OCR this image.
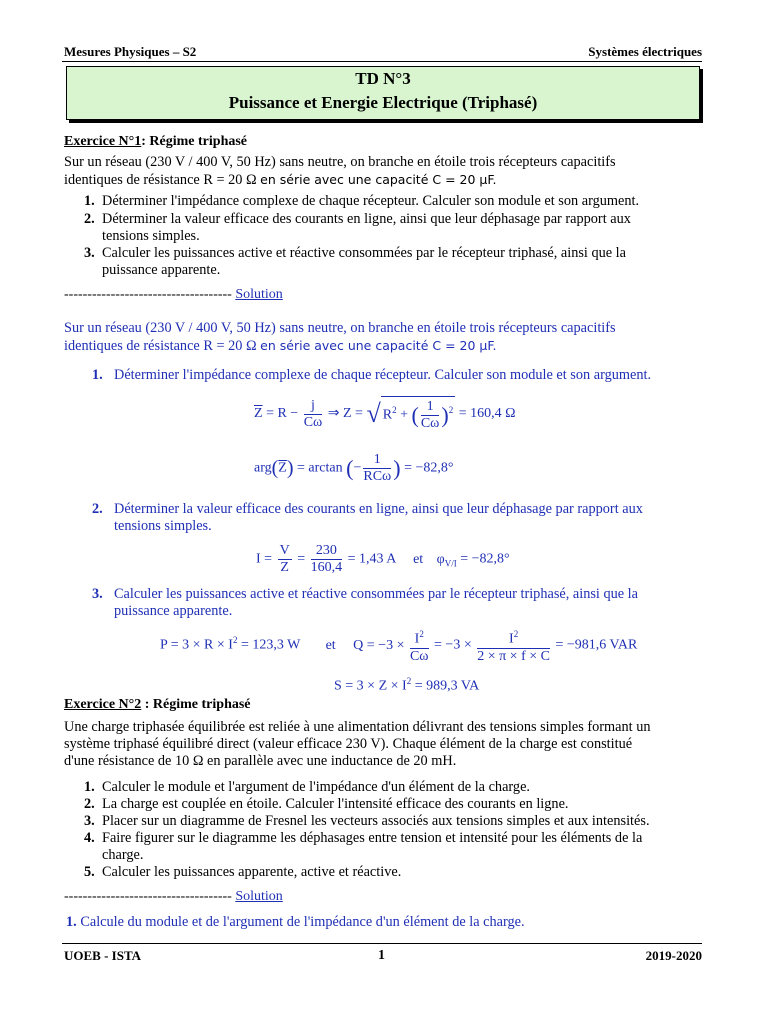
Mesures Physiques – S2	Systèmes électriques
TD N°3
Puissance et Energie Electrique (Triphasé)
Exercice N°1: Régime triphasé
Sur un réseau (230 V / 400 V, 50 Hz) sans neutre, on branche en étoile trois récepteurs capacitifs
identiques de résistance R = 20 Ω en série avec une capacité C = 20 μF.
1. Déterminer l'impédance complexe de chaque récepteur. Calculer son module et son argument.
2. Déterminer la valeur efficace des courants en ligne, ainsi que leur déphasage par rapport aux
tensions simples.
3. Calculer les puissances active et réactive consommées par le récepteur triphasé, ainsi que la
puissance apparente.
------------------------------------ Solution
Sur un réseau (230 V / 400 V, 50 Hz) sans neutre, on branche en étoile trois récepteurs capacitifs
identiques de résistance R = 20 Ω en série avec une capacité C = 20 μF.
1. Déterminer l'impédance complexe de chaque récepteur. Calculer son module et son argument.
$\overline{Z} = R - \frac{j}{C\omega}$ ⇒ Z = √ $R^2$ + ( $\frac{1}{C\omega} )^2 = 160,4$ Ω
$arg(\overline{Z}) = \arctan$ (− $\frac{1}{\text{RCω}}$ ) = −82,8°
2. Déterminer la valeur efficace des courants en ligne, ainsi que leur déphasage par rapport aux
tensions simples.
$I = \frac{V}{Z} = \frac{230}{160,4} = 1,43$ A et $\varphi_{V/I} = -82,8^\circ$
3. Calculer les puissances active et réactive consommées par le récepteur triphasé, ainsi que la
puissance apparente.
$P = 3 \times R \times I^2 = 123,3$ W et $Q = -3 \times \frac{I^2}{C\omega} = -3 \times \frac{I^2}{2 \times \pi \times f \times C} = -981,6$ VAR
$S = 3 \times Z \times I^2 = 989,3$ VA
Exercice N°2 : Régime triphasé
Une charge triphasée équilibrée est reliée à une alimentation délivrant des tensions simples formant un
système triphasé équilibré direct (valeur efficace 230 V). Chaque élément de la charge est constitué
d'une résistance de 10 Ω en parallèle avec une inductance de 20 mH.
1. Calculer le module et l'argument de l'impédance d'un élément de la charge.
2. La charge est couplée en étoile. Calculer l'intensité efficace des courants en ligne.
3. Placer sur un diagramme de Fresnel les vecteurs associés aux tensions simples et aux intensités.
4. Faire figurer sur le diagramme les déphasages entre tension et intensité pour les éléments de la
charge.
5. Calculer les puissances apparente, active et réactive.
------------------------------------ Solution
1. Calcule du module et de l'argument de l'impédance d'un élément de la charge.
UOEB - ISTA	1	2019-2020
